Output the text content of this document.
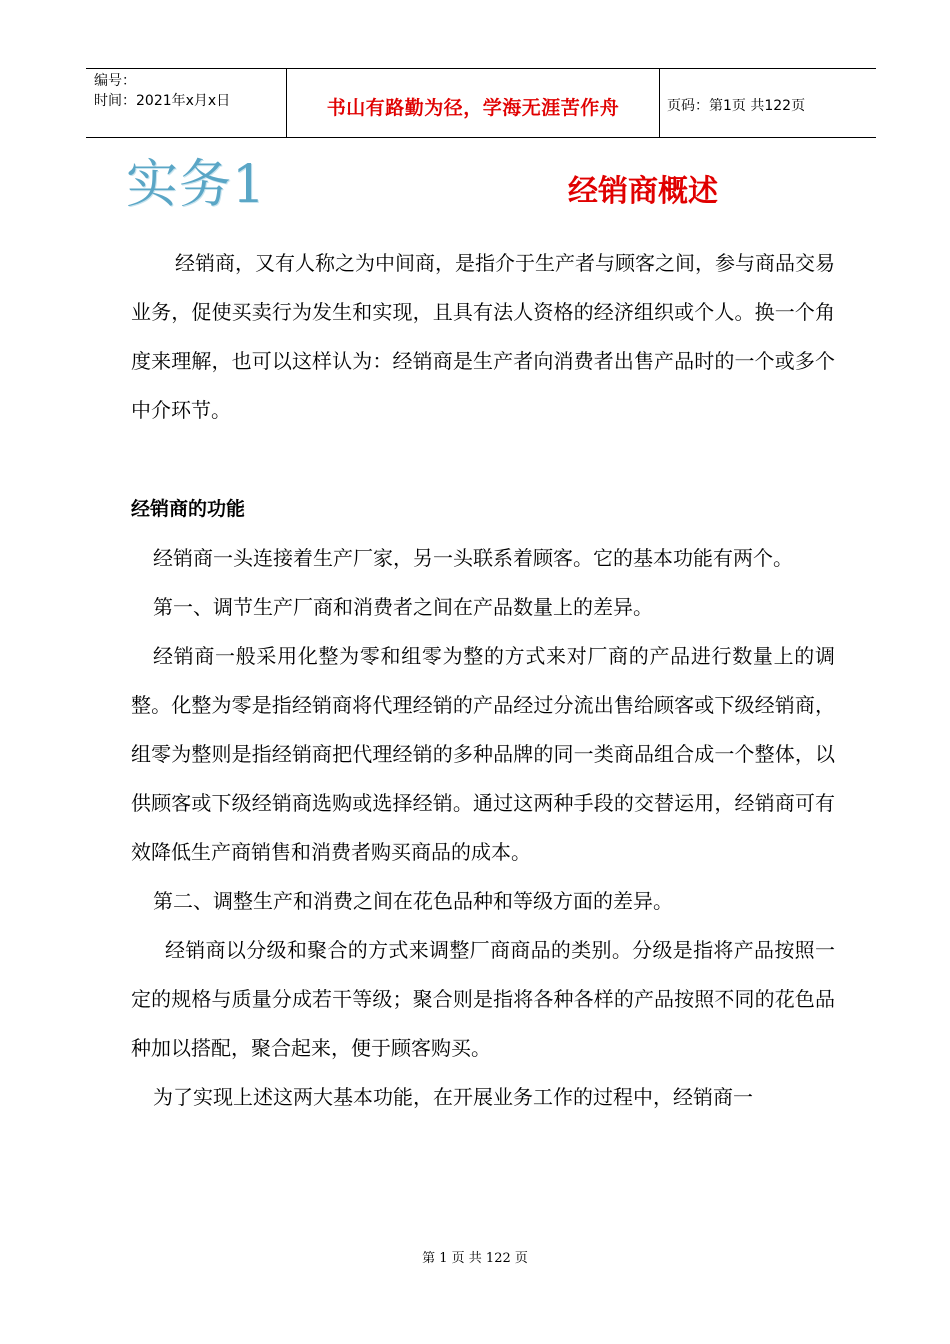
编号：
时间：2021年x月x日	书山有路勤为径，学海无涯苦作舟	页码：第1页 共122页
实务1	经销商概述

经销商，又有人称之为中间商，是指介于生产者与顾客之间，参与商品交易业务，促使买卖行为发生和实现，且具有法人资格的经济组织或个人。换一个角度来理解，也可以这样认为：经销商是生产者向消费者出售产品时的一个或多个中介环节。

经销商的功能

经销商一头连接着生产厂家，另一头联系着顾客。它的基本功能有两个。

第一、调节生产厂商和消费者之间在产品数量上的差异。

经销商一般采用化整为零和组零为整的方式来对厂商的产品进行数量上的调整。化整为零是指经销商将代理经销的产品经过分流出售给顾客或下级经销商，组零为整则是指经销商把代理经销的多种品牌的同一类商品组合成一个整体，以供顾客或下级经销商选购或选择经销。通过这两种手段的交替运用，经销商可有效降低生产商销售和消费者购买商品的成本。

第二、调整生产和消费之间在花色品种和等级方面的差异。

经销商以分级和聚合的方式来调整厂商商品的类别。分级是指将产品按照一定的规格与质量分成若干等级；聚合则是指将各种各样的产品按照不同的花色品种加以搭配，聚合起来，便于顾客购买。

为了实现上述这两大基本功能，在开展业务工作的过程中，经销商一

第 1 页 共 122 页
